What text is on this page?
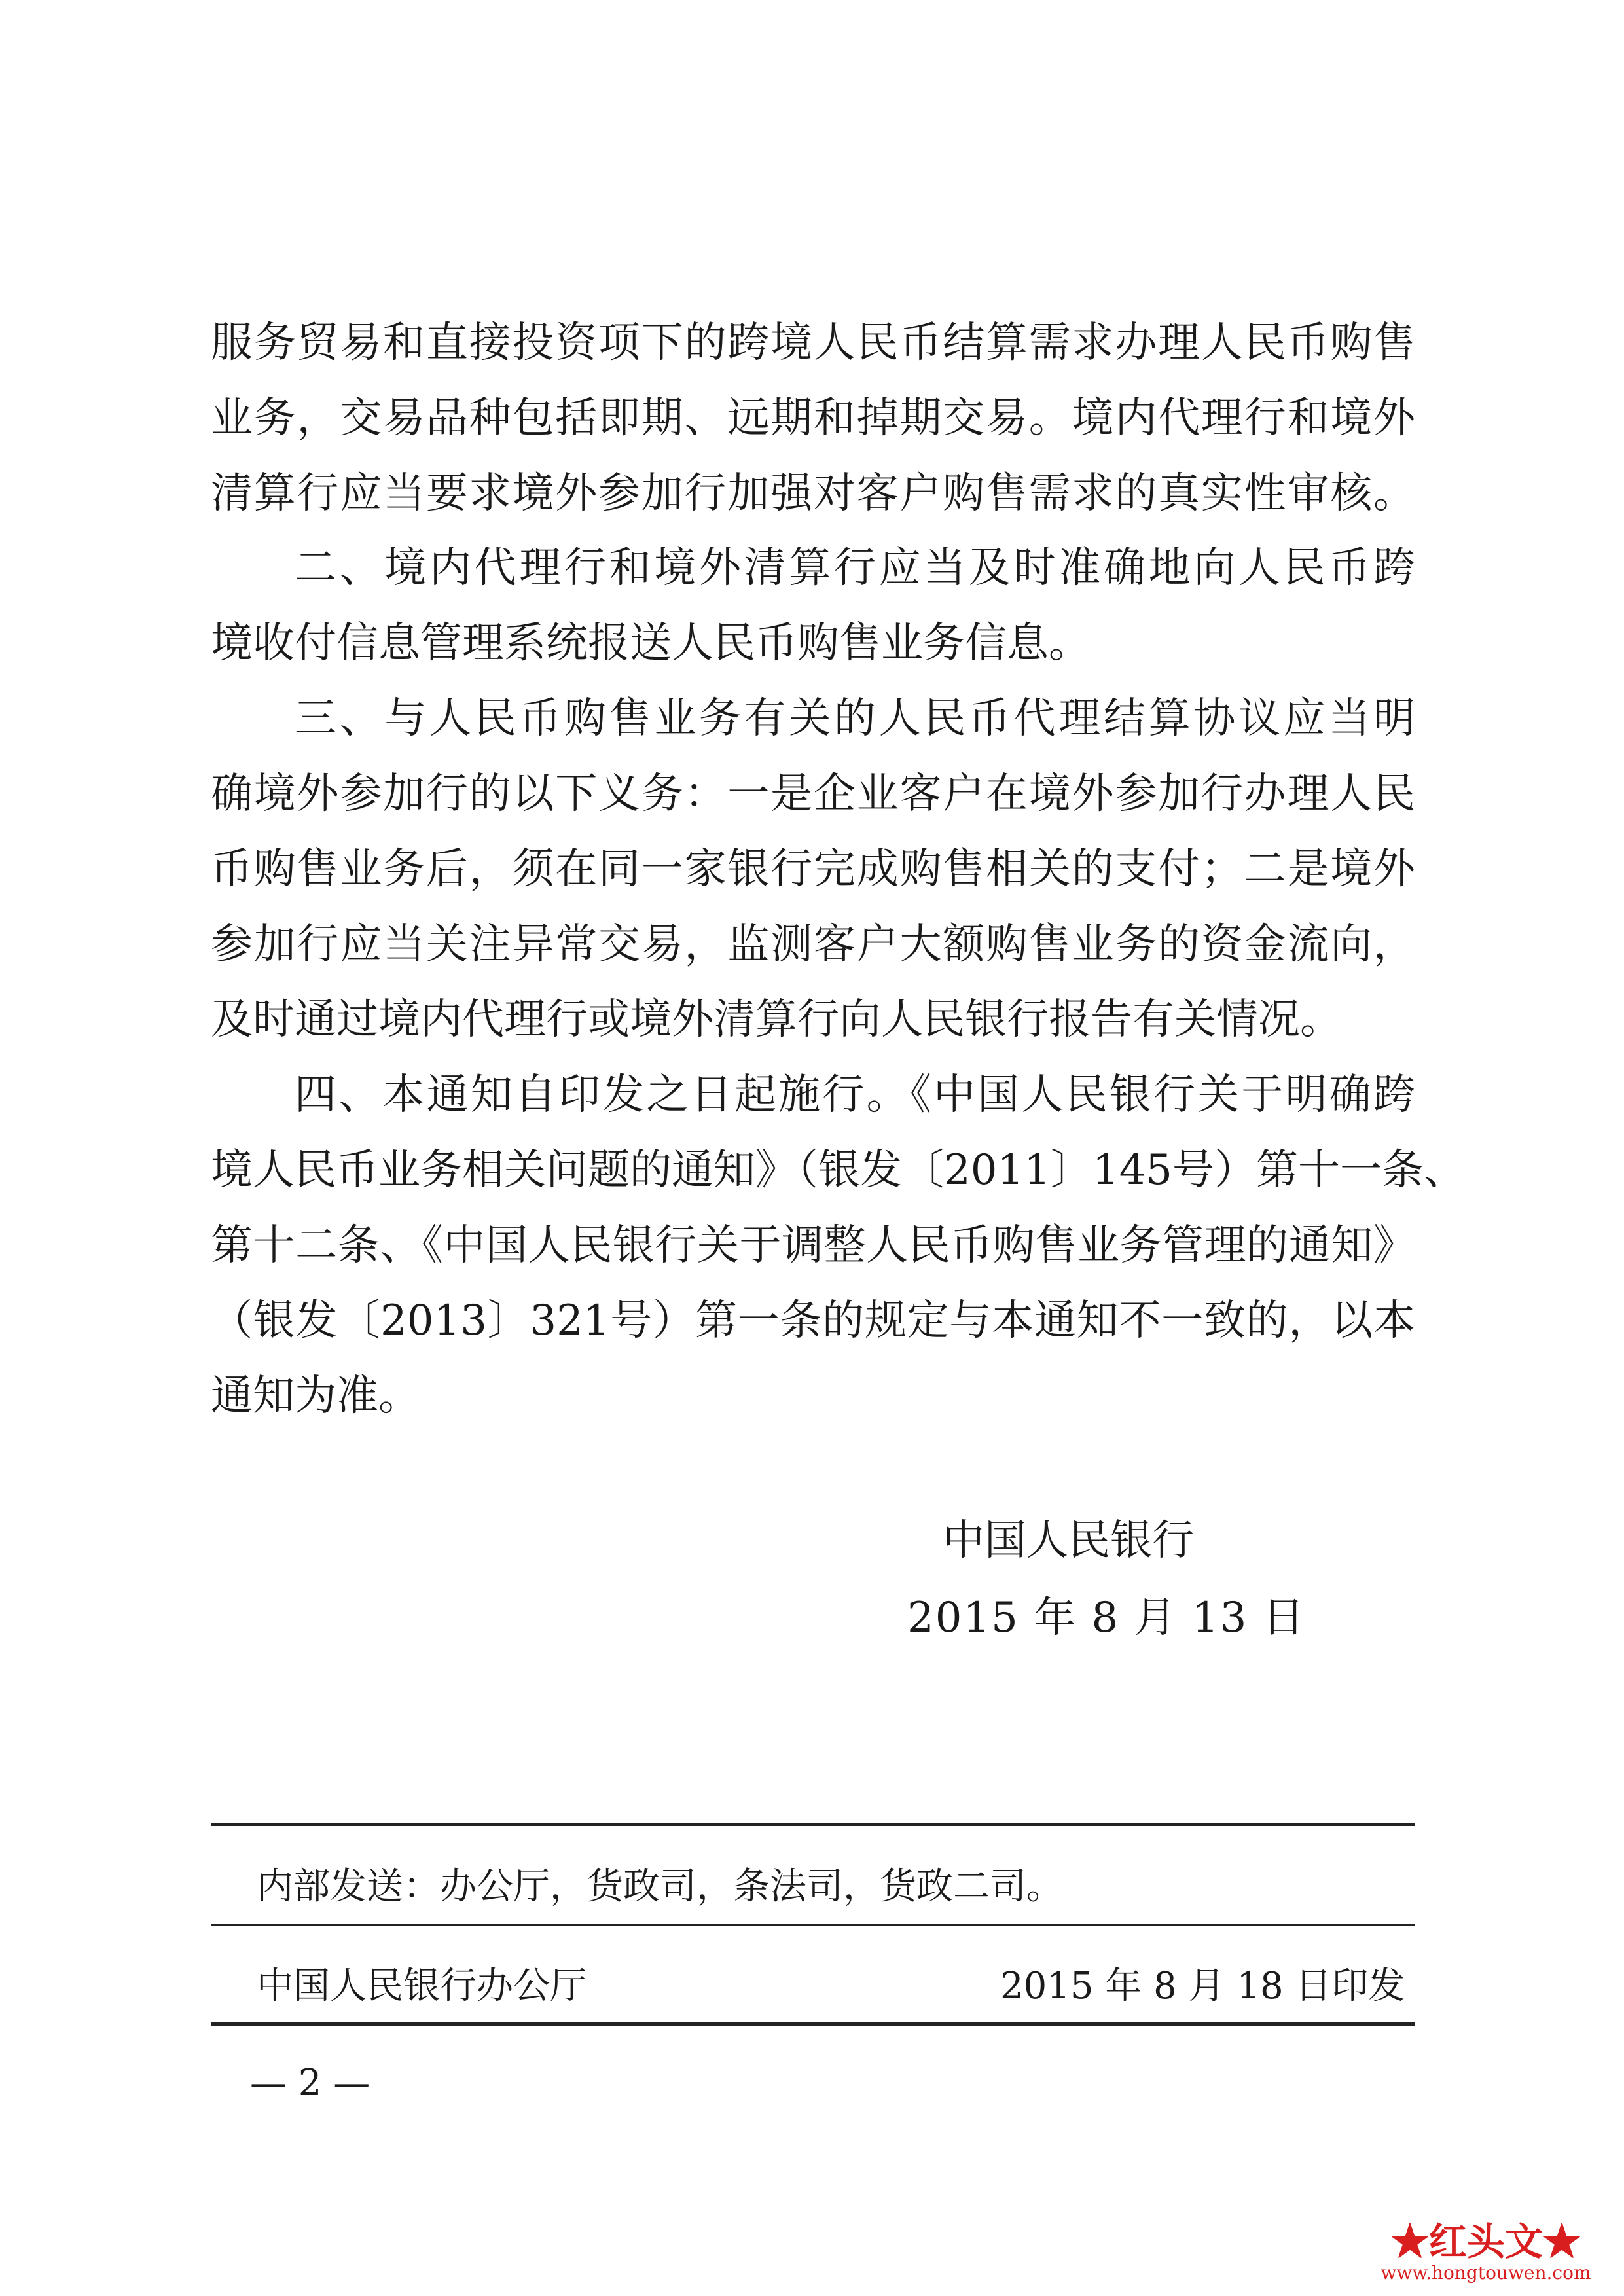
服务贸易和直接投资项下的跨境人民币结算需求办理人民币购售
业务，交易品种包括即期、远期和掉期交易。境内代理行和境外
清算行应当要求境外参加行加强对客户购售需求的真实性审核。
二、境内代理行和境外清算行应当及时准确地向人民币跨
境收付信息管理系统报送人民币购售业务信息。
三、与人民币购售业务有关的人民币代理结算协议应当明
确境外参加行的以下义务：一是企业客户在境外参加行办理人民
币购售业务后，须在同一家银行完成购售相关的支付；二是境外
参加行应当关注异常交易，监测客户大额购售业务的资金流向，
及时通过境内代理行或境外清算行向人民银行报告有关情况。
四、本通知自印发之日起施行。《中国人民银行关于明确跨
境人民币业务相关问题的通知》（银发〔2011〕145号）第十一条、
第十二条、《中国人民银行关于调整人民币购售业务管理的通知》
（银发〔2013〕321号）第一条的规定与本通知不一致的，以本
通知为准。
中国人民银行
2015 年 8 月 13 日
内部发送：办公厅，货政司，条法司，货政二司。
中国人民银行办公厅	2015 年 8 月 18 日印发
— 2 —
★红头文★
www.hongtouwen.com
